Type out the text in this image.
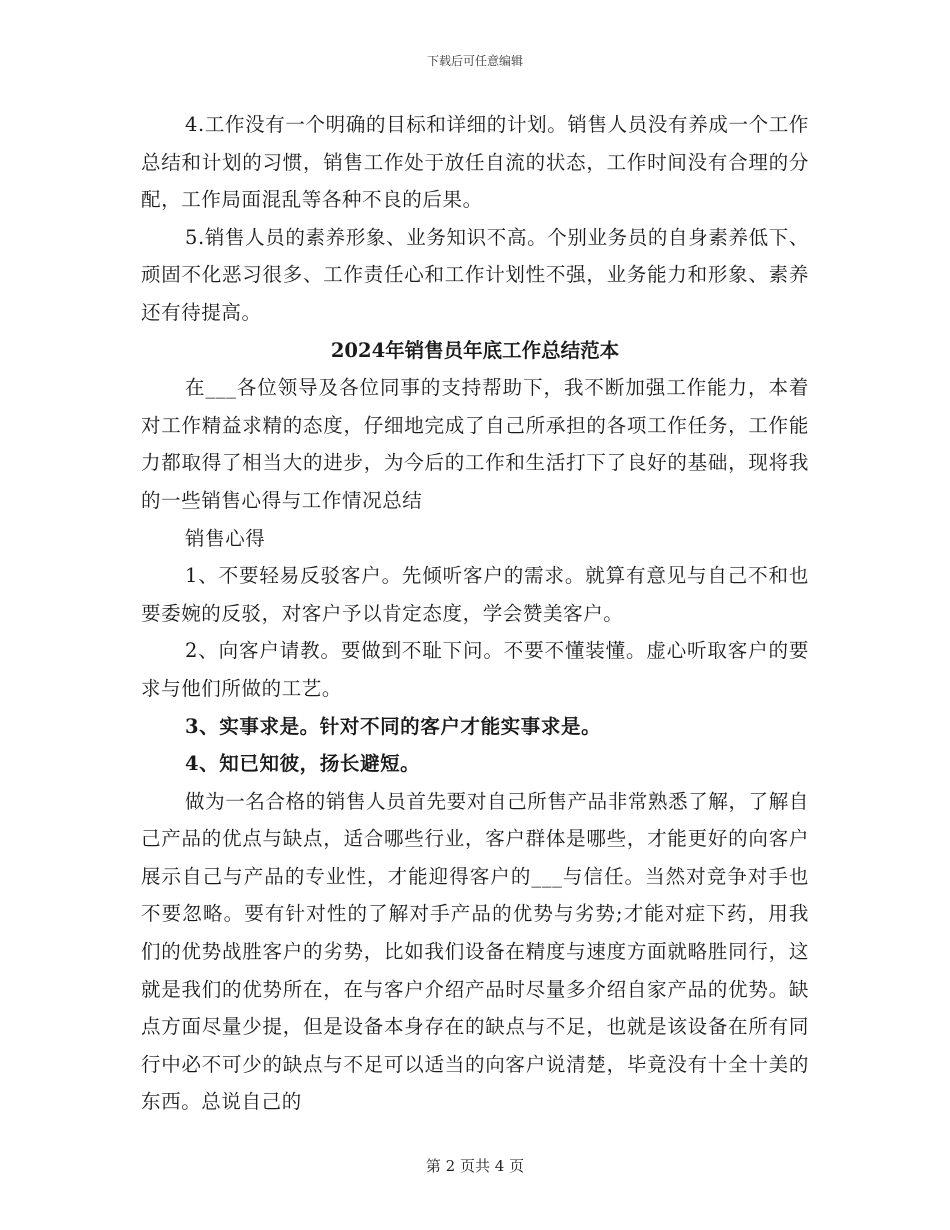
下载后可任意编辑

4.工作没有一个明确的目标和详细的计划。销售人员没有养成一个工作总结和计划的习惯，销售工作处于放任自流的状态，工作时间没有合理的分配，工作局面混乱等各种不良的后果。

5.销售人员的素养形象、业务知识不高。个别业务员的自身素养低下、顽固不化恶习很多、工作责任心和工作计划性不强，业务能力和形象、素养还有待提高。

2024年销售员年底工作总结范本

在___各位领导及各位同事的支持帮助下，我不断加强工作能力，本着对工作精益求精的态度，仔细地完成了自己所承担的各项工作任务，工作能力都取得了相当大的进步，为今后的工作和生活打下了良好的基础，现将我的一些销售心得与工作情况总结

销售心得

1、不要轻易反驳客户。先倾听客户的需求。就算有意见与自己不和也要委婉的反驳，对客户予以肯定态度，学会赞美客户。

2、向客户请教。要做到不耻下问。不要不懂装懂。虚心听取客户的要求与他们所做的工艺。

3、实事求是。针对不同的客户才能实事求是。

4、知已知彼，扬长避短。

做为一名合格的销售人员首先要对自己所售产品非常熟悉了解，了解自己产品的优点与缺点，适合哪些行业，客户群体是哪些，才能更好的向客户展示自己与产品的专业性，才能迎得客户的___与信任。当然对竞争对手也不要忽略。要有针对性的了解对手产品的优势与劣势;才能对症下药，用我们的优势战胜客户的劣势，比如我们设备在精度与速度方面就略胜同行，这就是我们的优势所在，在与客户介绍产品时尽量多介绍自家产品的优势。缺点方面尽量少提，但是设备本身存在的缺点与不足，也就是该设备在所有同行中必不可少的缺点与不足可以适当的向客户说清楚，毕竟没有十全十美的东西。总说自己的

第 2 页共 4 页
